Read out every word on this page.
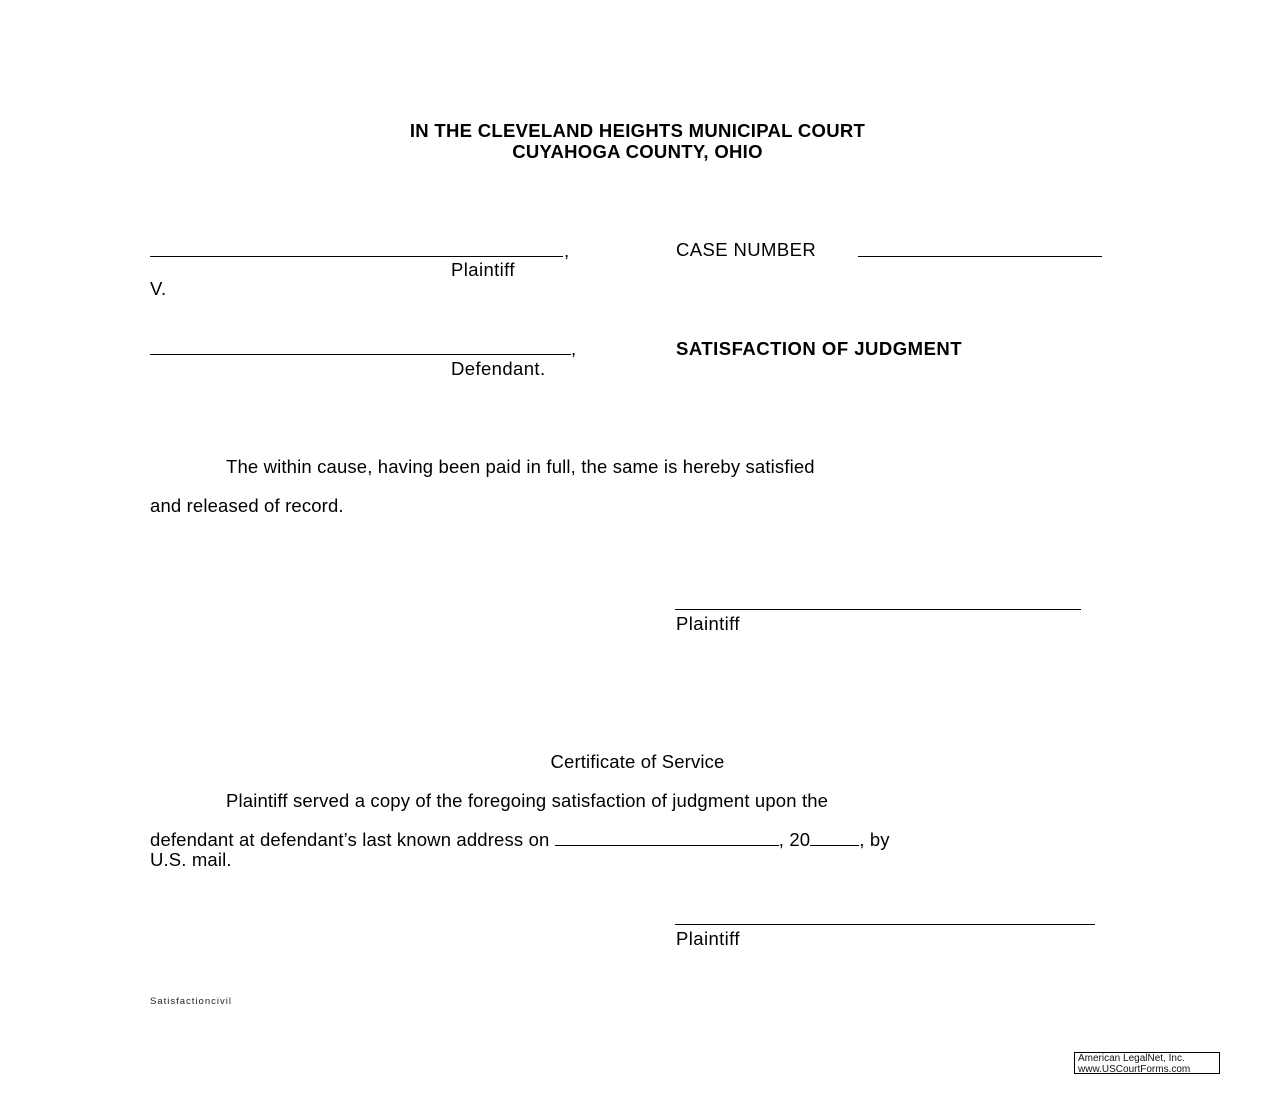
IN THE CLEVELAND HEIGHTS MUNICIPAL COURT
CUYAHOGA COUNTY, OHIO
,
Plaintiff
V.
,
Defendant.
CASE NUMBER
SATISFACTION OF JUDGMENT
The within cause, having been paid in full, the same is hereby satisfied
and released of record.
Plaintiff
Certificate of Service
Plaintiff served a copy of the foregoing satisfaction of judgment upon the
defendant at defendant’s last known address on	, 20	, by
U.S. mail.
Plaintiff
Satisfactioncivil
American LegalNet, Inc.
www.USCourtForms.com
